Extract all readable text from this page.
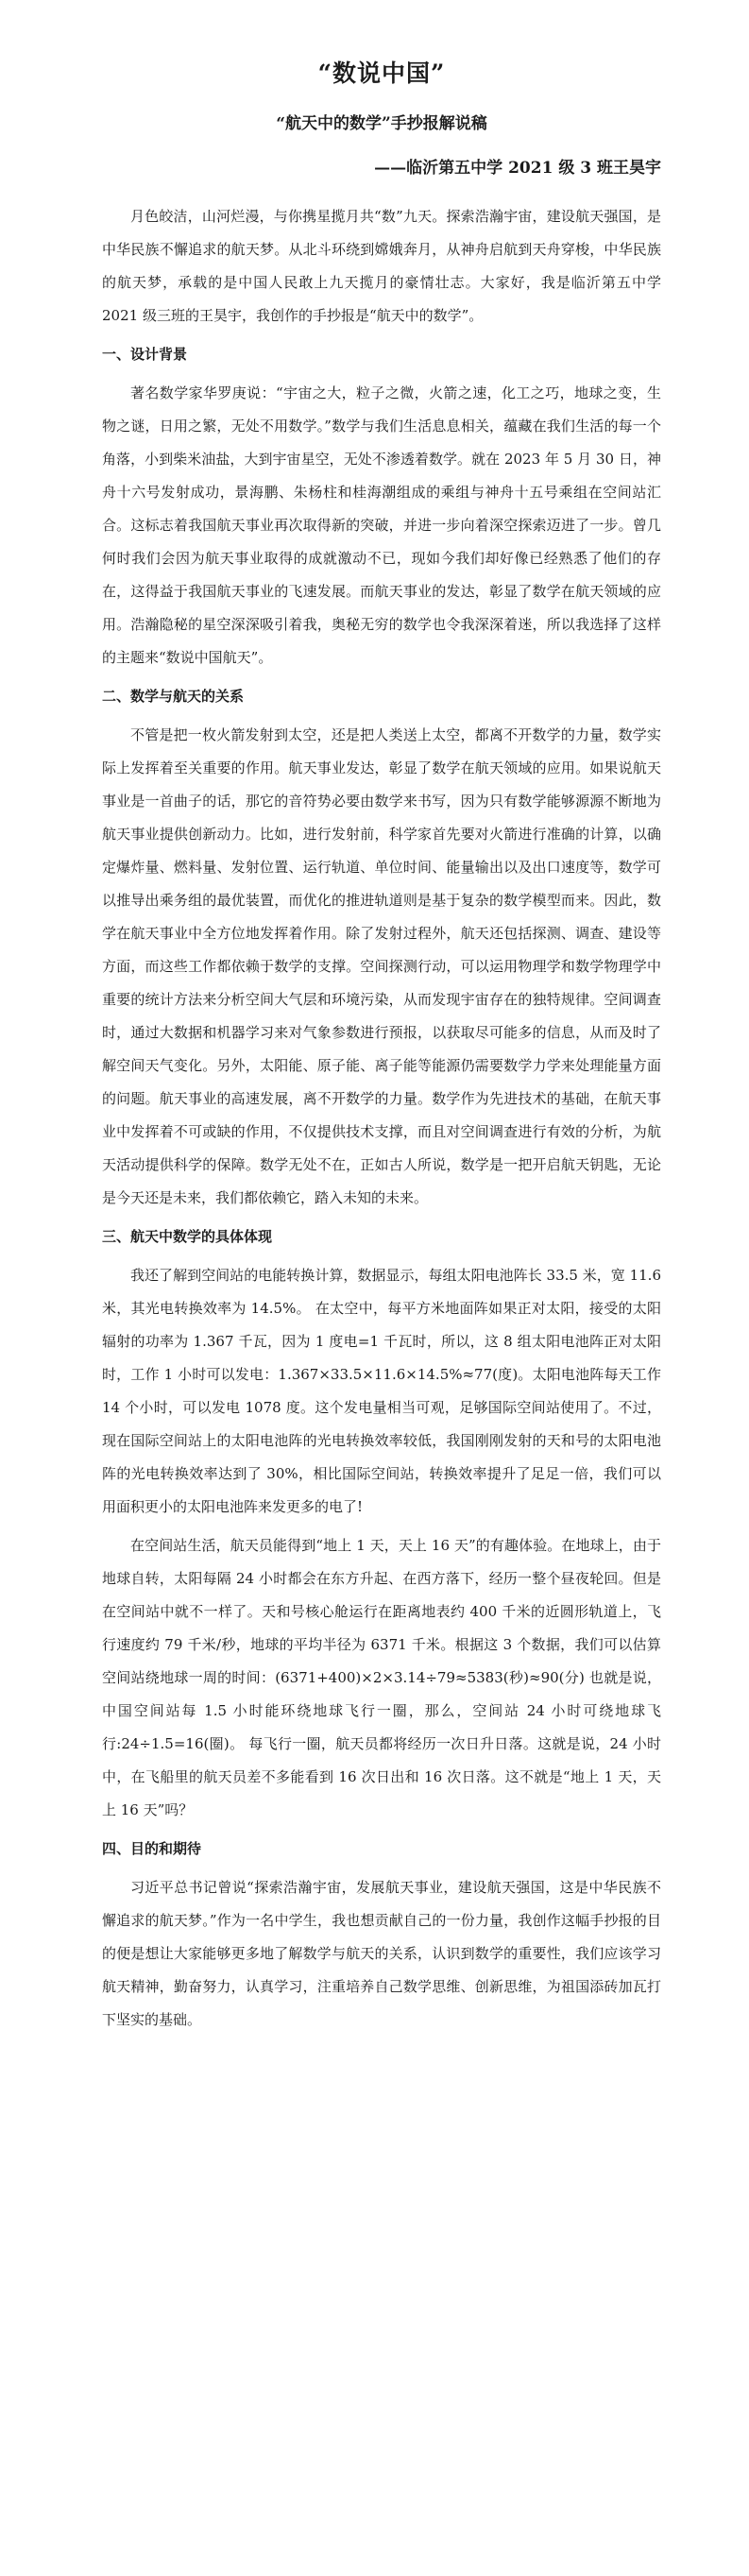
“数说中国”
“航天中的数学”手抄报解说稿
——临沂第五中学 2021 级 3 班王昊宇

月色皎洁，山河烂漫，与你携星揽月共“数”九天。探索浩瀚宇宙，建设航天强国，是中华民族不懈追求的航天梦。从北斗环绕到嫦娥奔月，从神舟启航到天舟穿梭，中华民族的航天梦，承载的是中国人民敢上九天揽月的豪情壮志。大家好，我是临沂第五中学 2021 级三班的王昊宇，我创作的手抄报是“航天中的数学”。

一、设计背景

著名数学家华罗庚说：“宇宙之大，粒子之微，火箭之速，化工之巧，地球之变，生物之谜，日用之繁，无处不用数学。”数学与我们生活息息相关，蕴藏在我们生活的每一个角落，小到柴米油盐，大到宇宙星空，无处不渗透着数学。就在 2023 年 5 月 30 日，神舟十六号发射成功，景海鹏、朱杨柱和桂海潮组成的乘组与神舟十五号乘组在空间站汇合。这标志着我国航天事业再次取得新的突破，并进一步向着深空探索迈进了一步。曾几何时我们会因为航天事业取得的成就激动不已，现如今我们却好像已经熟悉了他们的存在，这得益于我国航天事业的飞速发展。而航天事业的发达，彰显了数学在航天领域的应用。浩瀚隐秘的星空深深吸引着我，奥秘无穷的数学也令我深深着迷，所以我选择了这样的主题来“数说中国航天”。

二、数学与航天的关系

不管是把一枚火箭发射到太空，还是把人类送上太空，都离不开数学的力量，数学实际上发挥着至关重要的作用。航天事业发达，彰显了数学在航天领域的应用。如果说航天事业是一首曲子的话，那它的音符势必要由数学来书写，因为只有数学能够源源不断地为航天事业提供创新动力。比如，进行发射前，科学家首先要对火箭进行准确的计算，以确定爆炸量、燃料量、发射位置、运行轨道、单位时间、能量输出以及出口速度等，数学可以推导出乘务组的最优装置，而优化的推进轨道则是基于复杂的数学模型而来。因此，数学在航天事业中全方位地发挥着作用。除了发射过程外，航天还包括探测、调查、建设等方面，而这些工作都依赖于数学的支撑。空间探测行动，可以运用物理学和数学物理学中重要的统计方法来分析空间大气层和环境污染，从而发现宇宙存在的独特规律。空间调查时，通过大数据和机器学习来对气象参数进行预报，以获取尽可能多的信息，从而及时了解空间天气变化。另外，太阳能、原子能、离子能等能源仍需要数学力学来处理能量方面的问题。航天事业的高速发展，离不开数学的力量。数学作为先进技术的基础，在航天事业中发挥着不可或缺的作用，不仅提供技术支撑，而且对空间调查进行有效的分析，为航天活动提供科学的保障。数学无处不在，正如古人所说，数学是一把开启航天钥匙，无论是今天还是未来，我们都依赖它，踏入未知的未来。

三、航天中数学的具体体现

我还了解到空间站的电能转换计算，数据显示，每组太阳电池阵长 33.5 米，宽 11.6 米，其光电转换效率为 14.5%。 在太空中，每平方米地面阵如果正对太阳，接受的太阳辐射的功率为 1.367 千瓦，因为 1 度电=1 千瓦时，所以，这 8 组太阳电池阵正对太阳时，工作 1 小时可以发电：1.367×33.5×11.6×14.5%≈77(度)。太阳电池阵每天工作 14 个小时，可以发电 1078 度。这个发电量相当可观，足够国际空间站使用了。不过，现在国际空间站上的太阳电池阵的光电转换效率较低，我国刚刚发射的天和号的太阳电池阵的光电转换效率达到了 30%，相比国际空间站，转换效率提升了足足一倍，我们可以用面积更小的太阳电池阵来发更多的电了!

在空间站生活，航天员能得到“地上 1 天，天上 16 天”的有趣体验。在地球上，由于地球自转，太阳每隔 24 小时都会在东方升起、在西方落下，经历一整个昼夜轮回。但是在空间站中就不一样了。天和号核心舱运行在距离地表约 400 千米的近圆形轨道上，飞行速度约 79 千米/秒，地球的平均半径为 6371 千米。根据这 3 个数据，我们可以估算空间站绕地球一周的时间：(6371+400)×2×3.14÷79≈5383(秒)≈90(分) 也就是说，中国空间站每 1.5 小时能环绕地球飞行一圈，那么，空间站 24 小时可绕地球飞行:24÷1.5=16(圈)。 每飞行一圈，航天员都将经历一次日升日落。这就是说，24 小时中，在飞船里的航天员差不多能看到 16 次日出和 16 次日落。这不就是“地上 1 天，天上 16 天”吗？

四、目的和期待

习近平总书记曾说“探索浩瀚宇宙，发展航天事业，建设航天强国，这是中华民族不懈追求的航天梦。”作为一名中学生，我也想贡献自己的一份力量，我创作这幅手抄报的目的便是想让大家能够更多地了解数学与航天的关系，认识到数学的重要性，我们应该学习航天精神，勤奋努力，认真学习，注重培养自己数学思维、创新思维，为祖国添砖加瓦打下坚实的基础。
